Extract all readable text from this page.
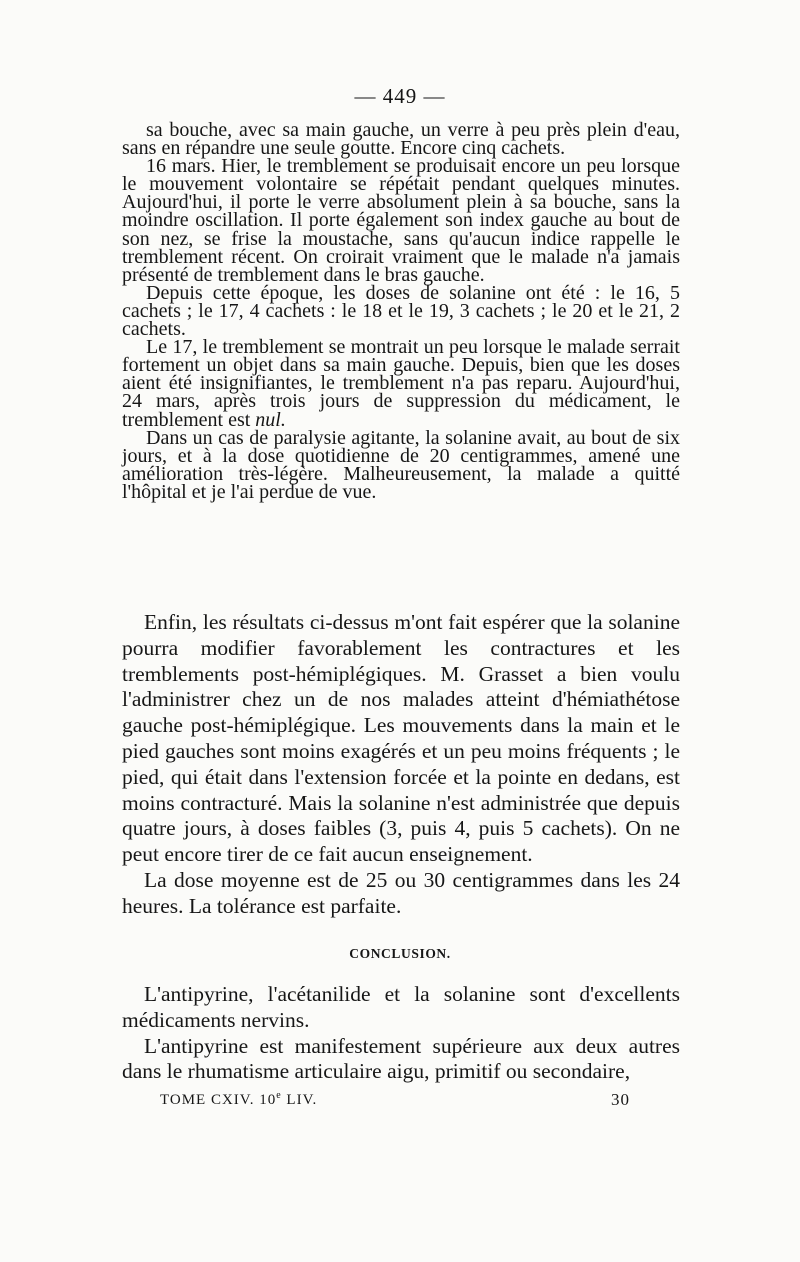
— 449 —

sa bouche, avec sa main gauche, un verre à peu près plein d'eau, sans en répandre une seule goutte. Encore cinq cachets.

16 mars. Hier, le tremblement se produisait encore un peu lorsque le mouvement volontaire se répétait pendant quelques minutes. Aujourd'hui, il porte le verre absolument plein à sa bouche, sans la moindre oscillation. Il porte également son index gauche au bout de son nez, se frise la moustache, sans qu'aucun indice rappelle le tremblement récent. On croirait vraiment que le malade n'a jamais présenté de tremblement dans le bras gauche.

Depuis cette époque, les doses de solanine ont été : le 16, 5 cachets ; le 17, 4 cachets : le 18 et le 19, 3 cachets ; le 20 et le 21, 2 cachets.

Le 17, le tremblement se montrait un peu lorsque le malade serrait fortement un objet dans sa main gauche. Depuis, bien que les doses aient été insignifiantes, le tremblement n'a pas reparu. Aujourd'hui, 24 mars, après trois jours de suppression du médicament, le tremblement est nul.

Dans un cas de paralysie agitante, la solanine avait, au bout de six jours, et à la dose quotidienne de 20 centigrammes, amené une amélioration très-légère. Malheureusement, la malade a quitté l'hôpital et je l'ai perdue de vue.

Enfin, les résultats ci-dessus m'ont fait espérer que la solanine pourra modifier favorablement les contractures et les tremblements post-hémiplégiques. M. Grasset a bien voulu l'administrer chez un de nos malades atteint d'hémiathétose gauche post-hémiplégique. Les mouvements dans la main et le pied gauches sont moins exagérés et un peu moins fréquents ; le pied, qui était dans l'extension forcée et la pointe en dedans, est moins contracturé. Mais la solanine n'est administrée que depuis quatre jours, à doses faibles (3, puis 4, puis 5 cachets). On ne peut encore tirer de ce fait aucun enseignement.

La dose moyenne est de 25 ou 30 centigrammes dans les 24 heures. La tolérance est parfaite.

CONCLUSION.

L'antipyrine, l'acétanilide et la solanine sont d'excellents médicaments nervins.

L'antipyrine est manifestement supérieure aux deux autres dans le rhumatisme articulaire aigu, primitif ou secondaire,

TOME CXIV. 10e LIV.	30
